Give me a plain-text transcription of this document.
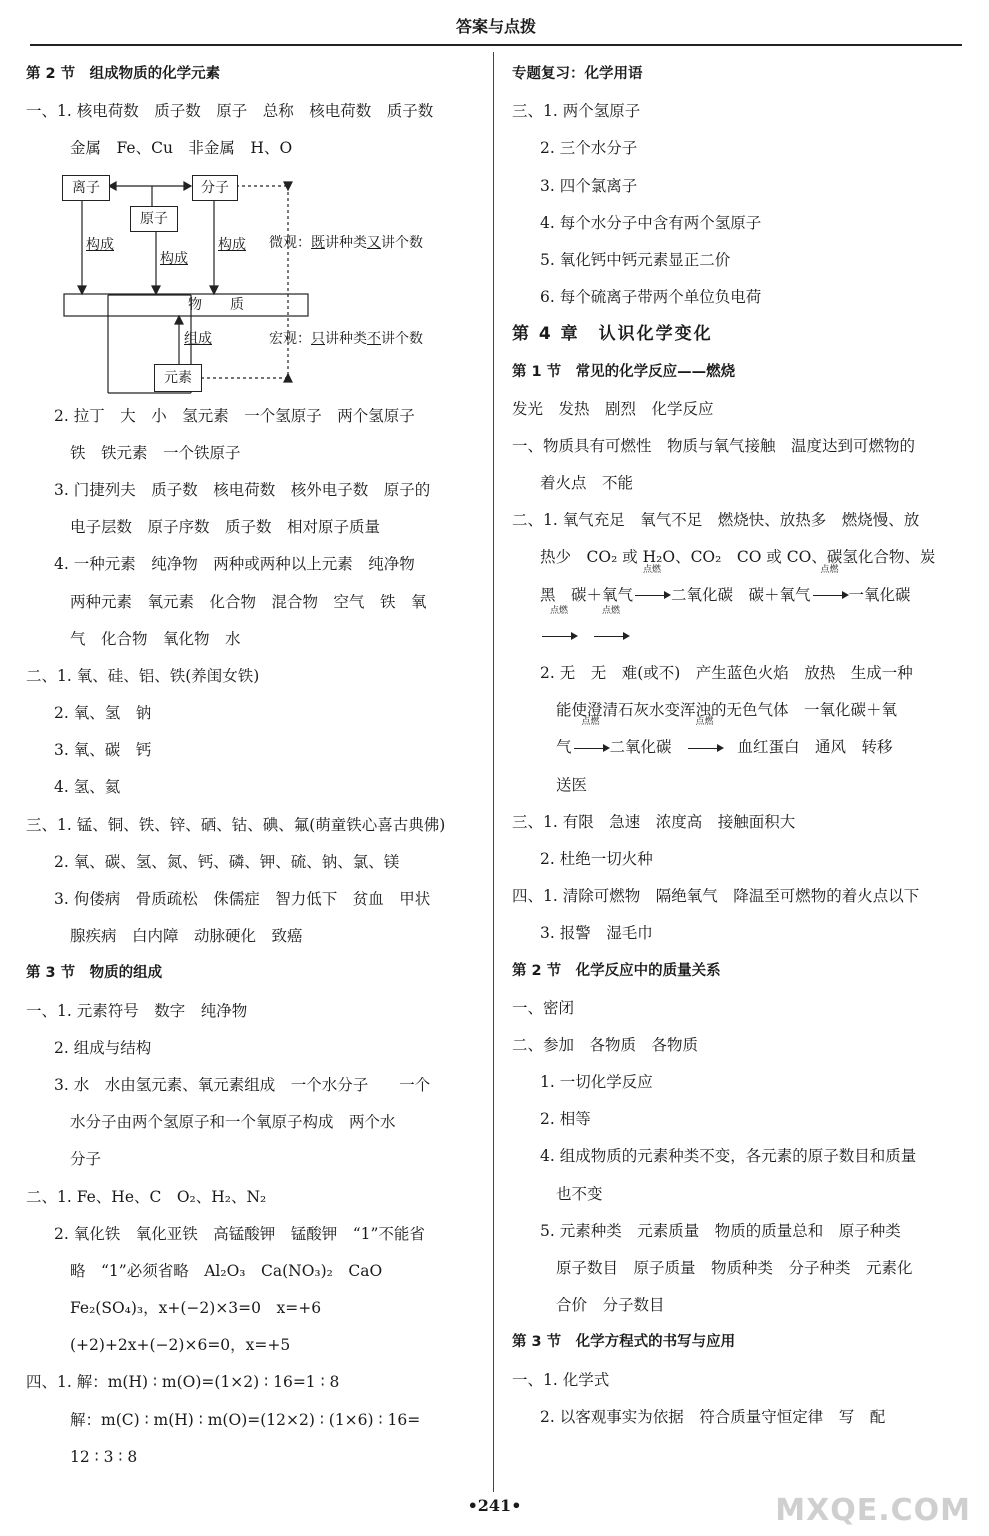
答案与点拨
第 2 节　组成物质的化学元素
一、1. 核电荷数　质子数　原子　总称　核电荷数　质子数
金属　Fe、Cu　非金属　H、O
离子	分子
原子
物　　质
元素
构成
构成
构成
组成
微观：既讲种类又讲个数
宏观：只讲种类不讲个数
2. 拉丁　大　小　氢元素　一个氢原子　两个氢原子
铁　铁元素　一个铁原子
3. 门捷列夫　质子数　核电荷数　核外电子数　原子的
电子层数　原子序数　质子数　相对原子质量
4. 一种元素　纯净物　两种或两种以上元素　纯净物
两种元素　氧元素　化合物　混合物　空气　铁　氧
气　化合物　氧化物　水
二、1. 氧、硅、铝、铁(养闺女铁)
2. 氧、氢　钠
3. 氧、碳　钙
4. 氢、氦
三、1. 锰、铜、铁、锌、硒、钴、碘、氟(萌童铁心喜古典佛)
2. 氧、碳、氢、氮、钙、磷、钾、硫、钠、氯、镁
3. 佝偻病　骨质疏松　侏儒症　智力低下　贫血　甲状
腺疾病　白内障　动脉硬化　致癌
第 3 节　物质的组成
一、1. 元素符号　数字　纯净物
2. 组成与结构
3. 水　水由氢元素、氧元素组成　一个水分子　　一个
水分子由两个氢原子和一个氧原子构成　两个水
分子
二、1. Fe、He、C　O₂、H₂、N₂
2. 氧化铁　氧化亚铁　高锰酸钾　锰酸钾　“1”不能省
略　“1”必须省略　Al₂O₃　Ca(NO₃)₂　CaO
Fe₂(SO₄)₃，x+(−2)×3=0　x=+6
(+2)+2x+(−2)×6=0，x=+5
四、1. 解：m(H) ∶ m(O)=(1×2) ∶ 16=1 ∶ 8
解：m(C) ∶ m(H) ∶ m(O)=(12×2) ∶ (1×6) ∶ 16=
12 ∶ 3 ∶ 8
专题复习：化学用语
三、1. 两个氢原子
2. 三个水分子
3. 四个氯离子
4. 每个水分子中含有两个氢原子
5. 氧化钙中钙元素显正二价
6. 每个硫离子带两个单位负电荷
第 4 章　认识化学变化
第 1 节　常见的化学反应——燃烧
发光　发热　剧烈　化学反应
一、物质具有可燃性　物质与氧气接触　温度达到可燃物的
着火点　不能
二、1. 氧气充足　氧气不足　燃烧快、放热多　燃烧慢、放
热少　CO₂ 或 H₂O、CO₂　CO 或 CO、碳氢化合物、炭
黑　碳＋氧气
点燃
二氧化碳　碳＋氧气
点燃
一氧化碳
点燃	点燃
2. 无　无　难(或不)　产生蓝色火焰　放热　生成一种
能使澄清石灰水变浑浊的无色气体　一氧化碳＋氧
气
点燃
二氧化碳
点燃
血红蛋白　通风　转移
送医
三、1. 有限　急速　浓度高　接触面积大
2. 杜绝一切火种
四、1. 清除可燃物　隔绝氧气　降温至可燃物的着火点以下
3. 报警　湿毛巾
第 2 节　化学反应中的质量关系
一、密闭
二、参加　各物质　各物质
1. 一切化学反应
2. 相等
4. 组成物质的元素种类不变，各元素的原子数目和质量
也不变
5. 元素种类　元素质量　物质的质量总和　原子种类
原子数目　原子质量　物质种类　分子种类　元素化
合价　分子数目
第 3 节　化学方程式的书写与应用
一、1. 化学式
2. 以客观事实为依据　符合质量守恒定律　写　配
•241•	MXQE.COM
